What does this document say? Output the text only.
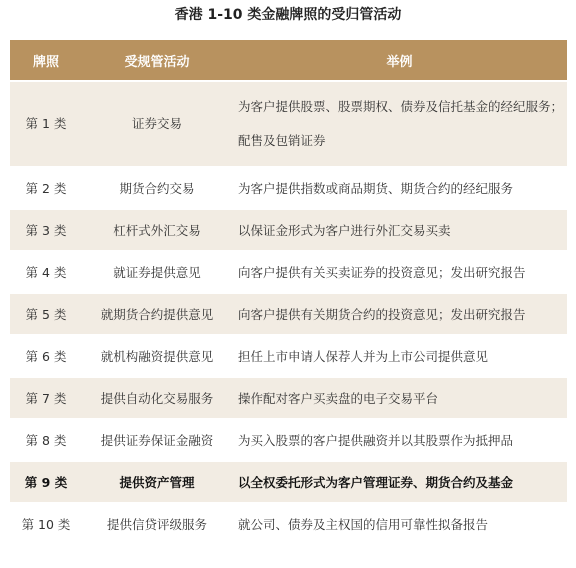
香港 1-10 类金融牌照的受归管活动
牌照	受规管活动	举例
第 1 类	证券交易	为客户提供股票、股票期权、债券及信托基金的经纪服务；配售及包销证券
第 2 类	期货合约交易	为客户提供指数或商品期货、期货合约的经纪服务
第 3 类	杠杆式外汇交易	以保证金形式为客户进行外汇交易买卖
第 4 类	就证券提供意见	向客户提供有关买卖证券的投资意见；发出研究报告
第 5 类	就期货合约提供意见	向客户提供有关期货合约的投资意见；发出研究报告
第 6 类	就机构融资提供意见	担任上市申请人保荐人并为上市公司提供意见
第 7 类	提供自动化交易服务	操作配对客户买卖盘的电子交易平台
第 8 类	提供证券保证金融资	为买入股票的客户提供融资并以其股票作为抵押品
第 9 类	提供资产管理	以全权委托形式为客户管理证券、期货合约及基金
第 10 类	提供信贷评级服务	就公司、债券及主权国的信用可靠性拟备报告
